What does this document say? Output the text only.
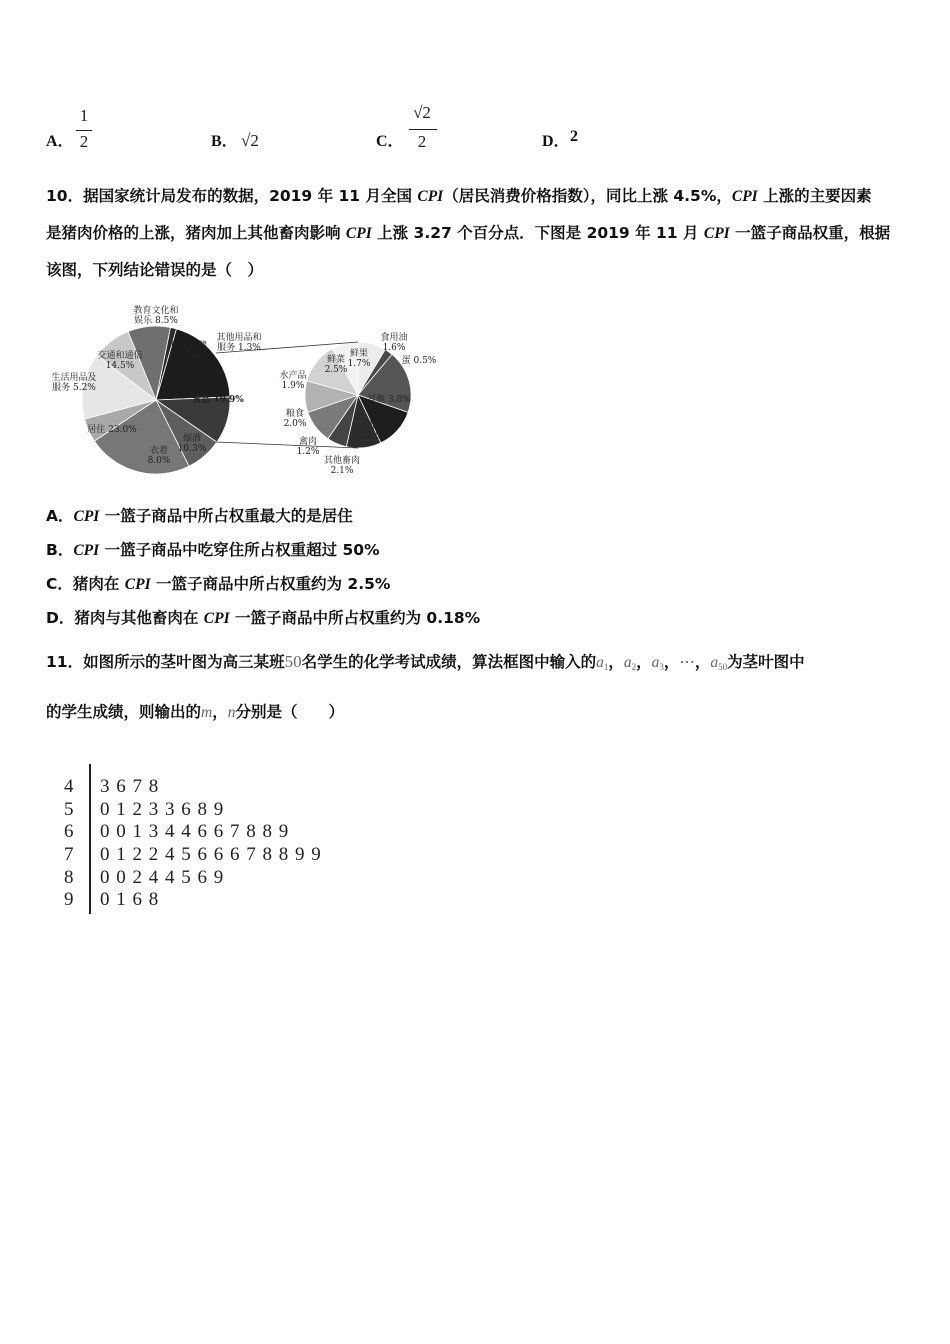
A．
1
2	B． √2	C．
√2
2	D． 2
10．据国家统计局发布的数据，2019 年 11 月全国 CPI（居民消费价格指数），同比上涨 4.5%，CPI 上涨的主要因素
是猪肉价格的上涨，猪肉加上其他畜肉影响 CPI 上涨 3.27 个百分点．下图是 2019 年 11 月 CPI 一篮子商品权重，根据
该图，下列结论错误的是（　）
食品 19.9%
烟酒 10.3%
衣着 8.0%
居住 23.0%
生活用品及服务 5.2%
交通和通信 14.5%
教育文化和娱乐 8.5%
医疗保健 9.3%
其他用品和服务 1.3%
鲜果 1.7%	蛋 0.5%
其他 3.8%
猪肉 2.5%
其他畜肉 2.1%
禽肉 1.2%
粮食 2.0%
水产品 1.9%
鲜菜 2.5%
食用油 1.6%
A．CPI 一篮子商品中所占权重最大的是居住
B．CPI 一篮子商品中吃穿住所占权重超过 50%
C．猪肉在 CPI 一篮子商品中所占权重约为 2.5%
D．猪肉与其他畜肉在 CPI 一篮子商品中所占权重约为 0.18%
11．如图所示的茎叶图为高三某班50名学生的化学考试成绩，算法框图中输入的$a_1$，$a_2$，$a_3$，⋯，$a_{50}$为茎叶图中
的学生成绩，则输出的m，n分别是（　　）
4 3 6 7 8
5 0 1 2 3 3 6 8 9
6 0 0 1 3 4 4 6 6 7 8 8 9
7 0 1 2 2 4 5 6 6 6 7 8 8 9 9
8 0 0 2 4 4 5 6 9
9 0 1 6 8
